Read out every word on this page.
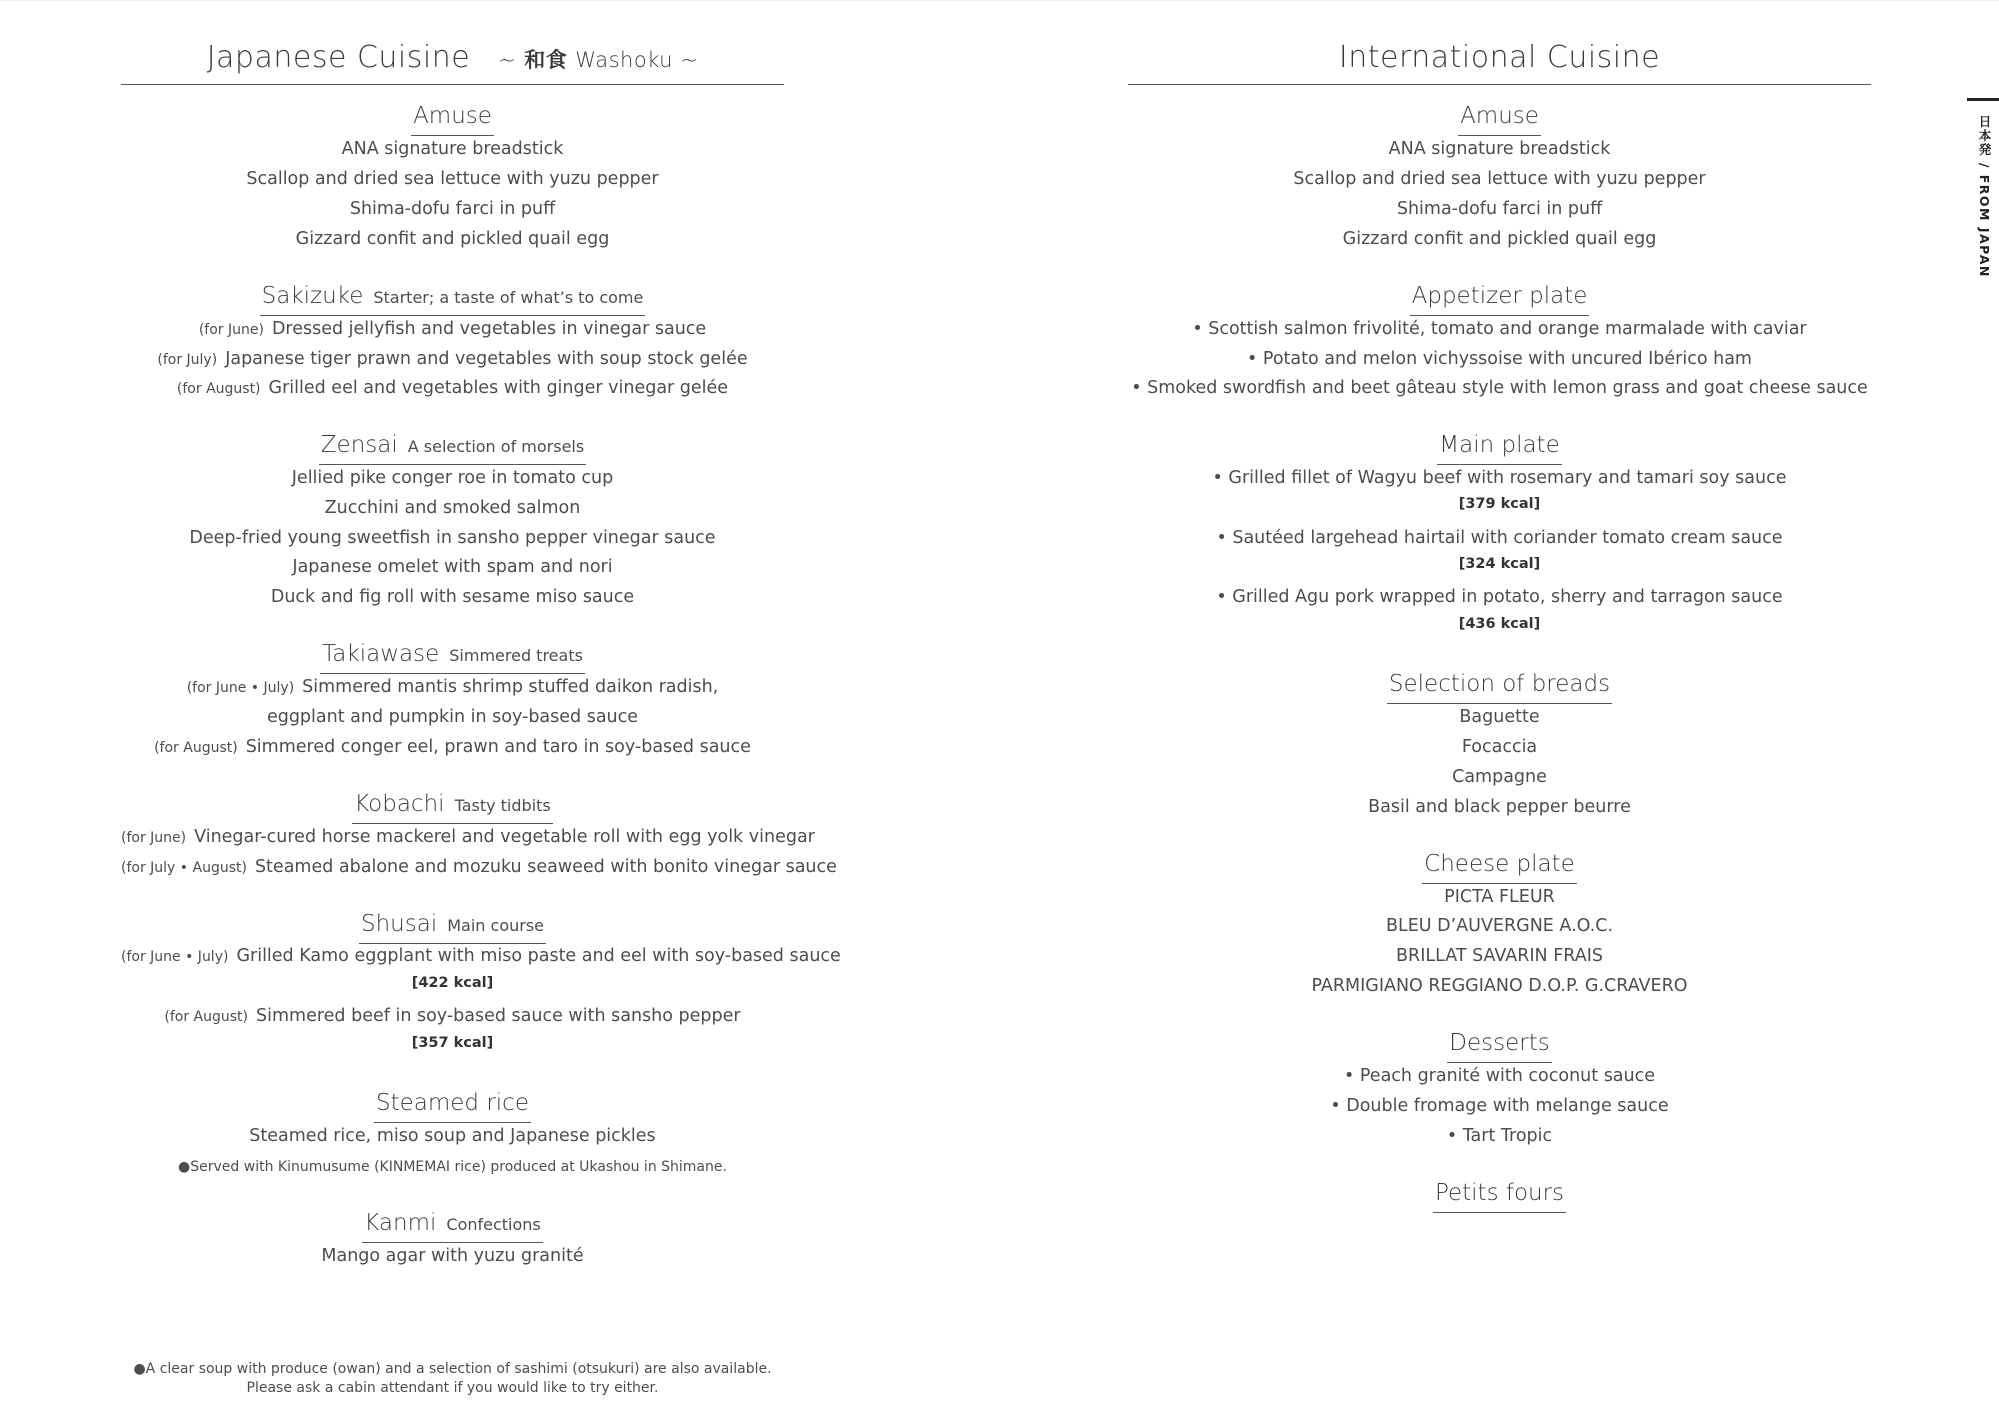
Japanese Cuisine ~ 和食 Washoku ~
Amuse
ANA signature breadstick
Scallop and dried sea lettuce with yuzu pepper
Shima-dofu farci in puff
Gizzard confit and pickled quail egg
Sakizuke Starter; a taste of what’s to come
(for June) Dressed jellyfish and vegetables in vinegar sauce
(for July) Japanese tiger prawn and vegetables with soup stock gelée
(for August) Grilled eel and vegetables with ginger vinegar gelée
Zensai A selection of morsels
Jellied pike conger roe in tomato cup
Zucchini and smoked salmon
Deep-fried young sweetfish in sansho pepper vinegar sauce
Japanese omelet with spam and nori
Duck and fig roll with sesame miso sauce
Takiawase Simmered treats
(for June • July) Simmered mantis shrimp stuffed daikon radish,
eggplant and pumpkin in soy-based sauce
(for August) Simmered conger eel, prawn and taro in soy-based sauce
Kobachi Tasty tidbits
(for June) Vinegar-cured horse mackerel and vegetable roll with egg yolk vinegar
(for July • August) Steamed abalone and mozuku seaweed with bonito vinegar sauce
Shusai Main course
(for June • July) Grilled Kamo eggplant with miso paste and eel with soy-based sauce
[422 kcal]
(for August) Simmered beef in soy-based sauce with sansho pepper
[357 kcal]
Steamed rice
Steamed rice, miso soup and Japanese pickles
●Served with Kinumusume (KINMEMAI rice) produced at Ukashou in Shimane.
Kanmi Confections
Mango agar with yuzu granité
●A clear soup with produce (owan) and a selection of sashimi (otsukuri) are also available.
Please ask a cabin attendant if you would like to try either.
International Cuisine
Amuse
ANA signature breadstick
Scallop and dried sea lettuce with yuzu pepper
Shima-dofu farci in puff
Gizzard confit and pickled quail egg
Appetizer plate
• Scottish salmon frivolité, tomato and orange marmalade with caviar
• Potato and melon vichyssoise with uncured Ibérico ham
• Smoked swordfish and beet gâteau style with lemon grass and goat cheese sauce
Main plate
• Grilled fillet of Wagyu beef with rosemary and tamari soy sauce
[379 kcal]
• Sautéed largehead hairtail with coriander tomato cream sauce
[324 kcal]
• Grilled Agu pork wrapped in potato, sherry and tarragon sauce
[436 kcal]
Selection of breads
Baguette
Focaccia
Campagne
Basil and black pepper beurre
Cheese plate
PICTA FLEUR
BLEU D’AUVERGNE A.O.C.
BRILLAT SAVARIN FRAIS
PARMIGIANO REGGIANO D.O.P. G.CRAVERO
Desserts
• Peach granité with coconut sauce
• Double fromage with melange sauce
• Tart Tropic
Petits fours
日本発 / FROM JAPAN
